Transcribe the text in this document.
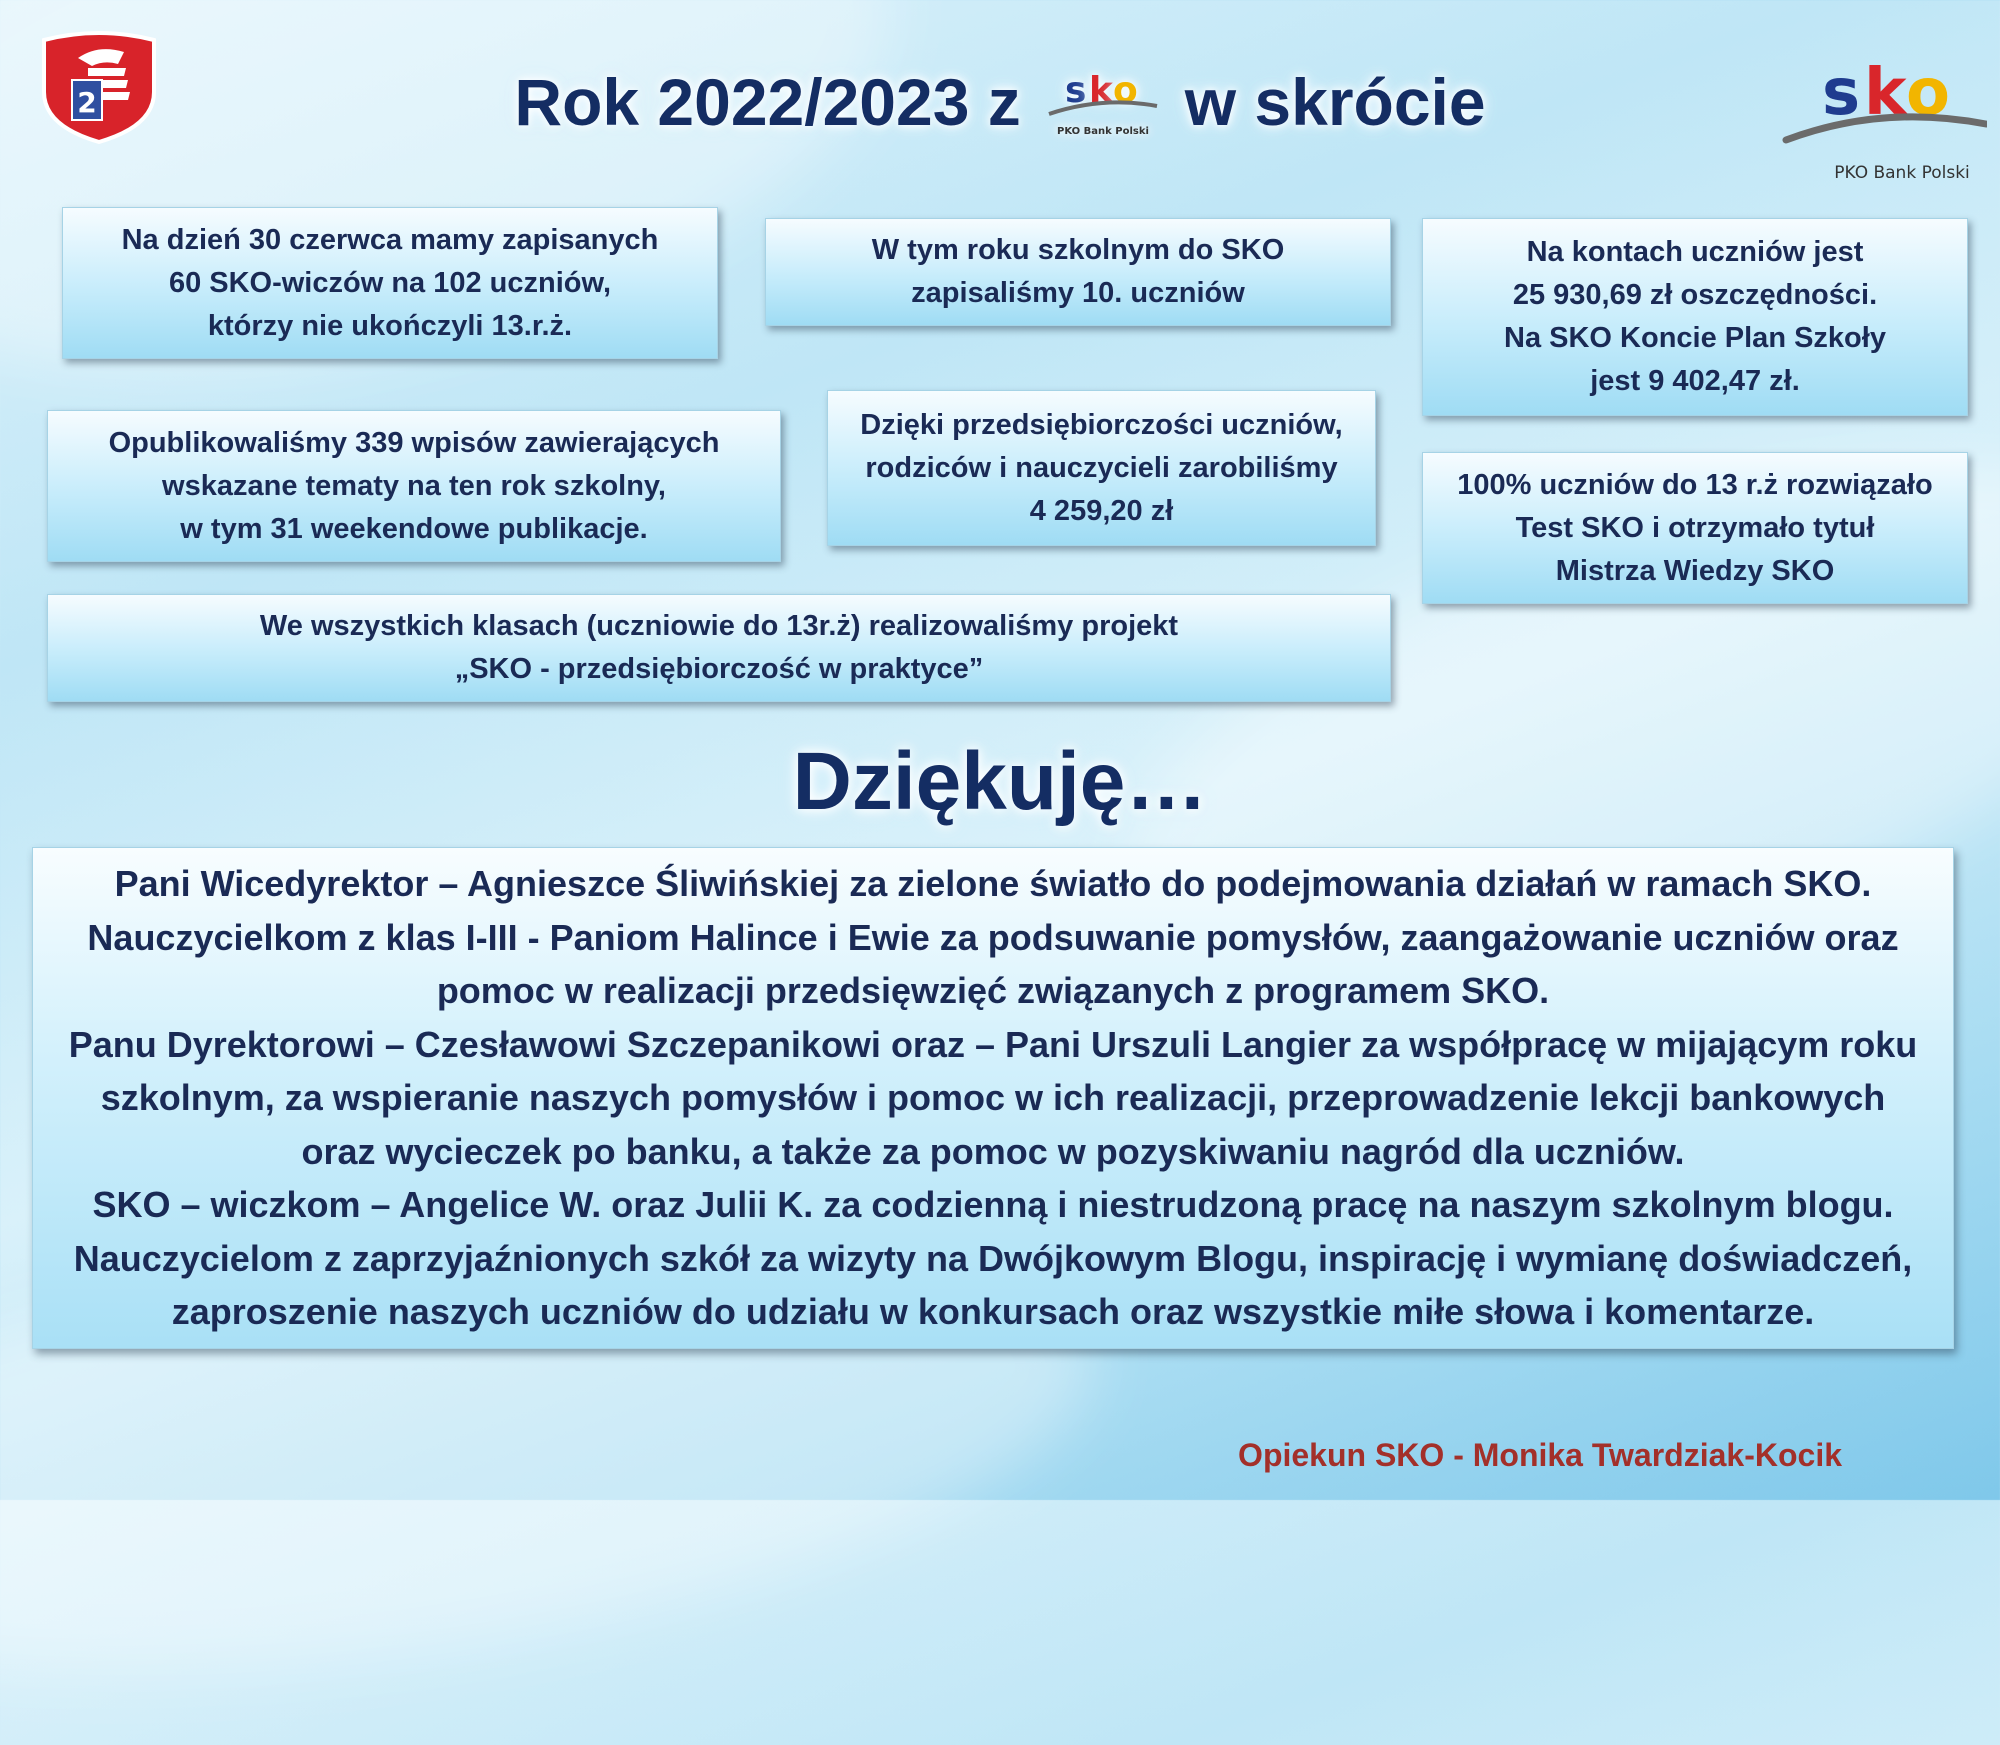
2	Rok 2022/2023 z s k o
PKO Bank Polski w skrócie	s k o
PKO Bank Polski
Na dzień 30 czerwca mamy zapisanych
60 SKO-wiczów na 102 uczniów,
którzy nie ukończyli 13.r.ż.
W tym roku szkolnym do SKO
zapisaliśmy 10. uczniów
Na kontach uczniów jest
25 930,69 zł oszczędności.
Na SKO Koncie Plan Szkoły
jest 9 402,47 zł.
Opublikowaliśmy 339 wpisów zawierających
wskazane tematy na ten rok szkolny,
w tym 31 weekendowe publikacje.
Dzięki przedsiębiorczości uczniów,
rodziców i nauczycieli zarobiliśmy
4 259,20 zł
100% uczniów do 13 r.ż rozwiązało
Test SKO i otrzymało tytuł
Mistrza Wiedzy SKO
We wszystkich klasach (uczniowie do 13r.ż) realizowaliśmy projekt
„SKO - przedsiębiorczość w praktyce”
Dziękuję…
Pani Wicedyrektor – Agnieszce Śliwińskiej za zielone światło do podejmowania działań w ramach SKO.
Nauczycielkom z klas I-III - Paniom Halince i Ewie za podsuwanie pomysłów, zaangażowanie uczniów oraz
pomoc w realizacji przedsięwzięć związanych z programem SKO.
Panu Dyrektorowi – Czesławowi Szczepanikowi oraz – Pani Urszuli Langier za współpracę w mijającym roku
szkolnym, za wspieranie naszych pomysłów i pomoc w ich realizacji, przeprowadzenie lekcji bankowych
oraz wycieczek po banku, a także za pomoc w pozyskiwaniu nagród dla uczniów.
SKO – wiczkom – Angelice W. oraz Julii K. za codzienną i niestrudzoną pracę na naszym szkolnym blogu.
Nauczycielom z zaprzyjaźnionych szkół za wizyty na Dwójkowym Blogu, inspirację i wymianę doświadczeń,
zaproszenie naszych uczniów do udziału w konkursach oraz wszystkie miłe słowa i komentarze.
Opiekun SKO - Monika Twardziak-Kocik
